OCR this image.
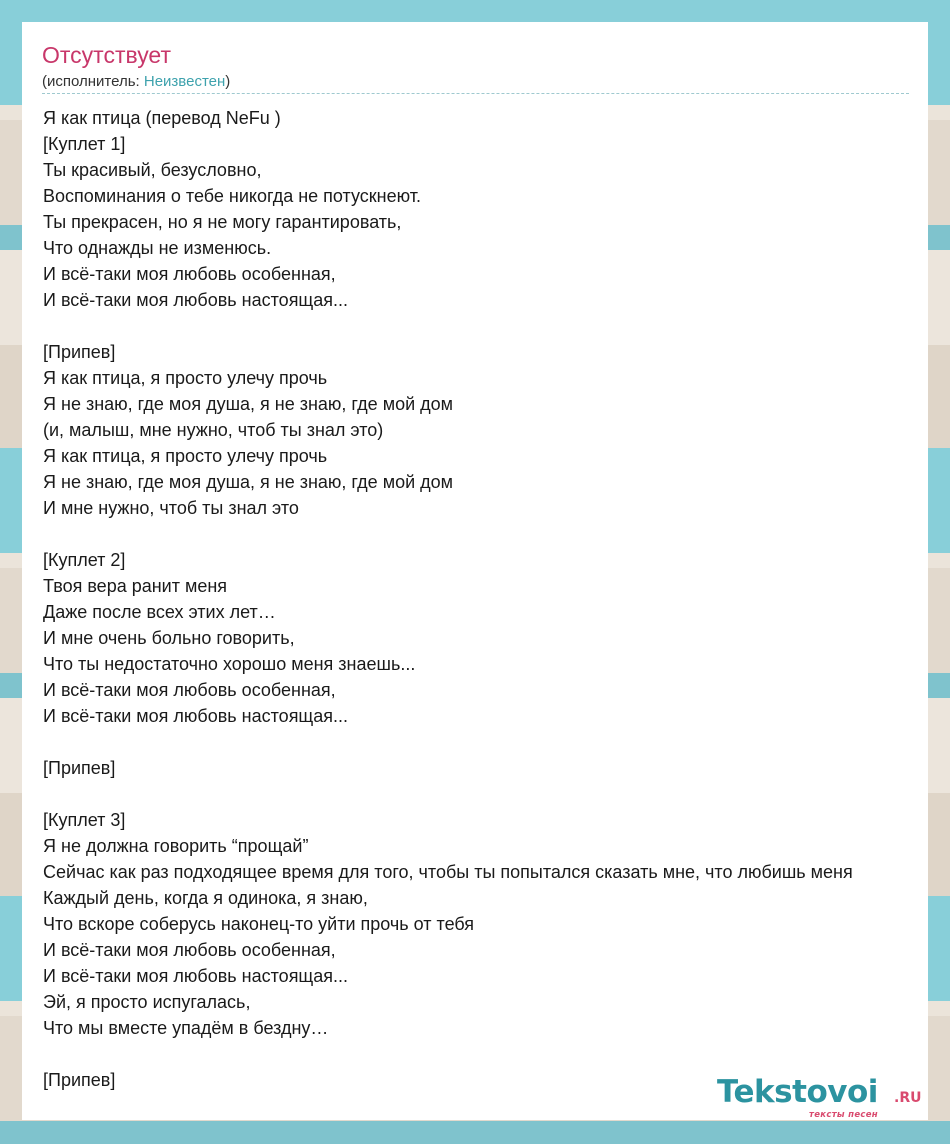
Отсутствует
(исполнитель: Неизвестен)
Я как птица (перевод NeFu )
[Куплет 1]
Ты красивый, безусловно,
Воспоминания о тебе никогда не потускнеют.
Ты прекрасен, но я не могу гарантировать,
Что однажды не изменюсь.
И всё-таки моя любовь особенная,
И всё-таки моя любовь настоящая...
[Припев]
Я как птица, я просто улечу прочь
Я не знаю, где моя душа, я не знаю, где мой дом
(и, малыш, мне нужно, чтоб ты знал это)
Я как птица, я просто улечу прочь
Я не знаю, где моя душа, я не знаю, где мой дом
И мне нужно, чтоб ты знал это
[Куплет 2]
Твоя вера ранит меня
Даже после всех этих лет…
И мне очень больно говорить,
Что ты недостаточно хорошо меня знаешь...
И всё-таки моя любовь особенная,
И всё-таки моя любовь настоящая...
[Припев]
[Куплет 3]
Я не должна говорить “прощай”
Сейчас как раз подходящее время для того, чтобы ты попытался сказать мне, что любишь меня
Каждый день, когда я одинока, я знаю,
Что вскоре соберусь наконец-то уйти прочь от тебя
И всё-таки моя любовь особенная,
И всё-таки моя любовь настоящая...
Эй, я просто испугалась,
Что мы вместе упадём в бездну…
[Припев]	Tekstovoi .RU
тексты песен
